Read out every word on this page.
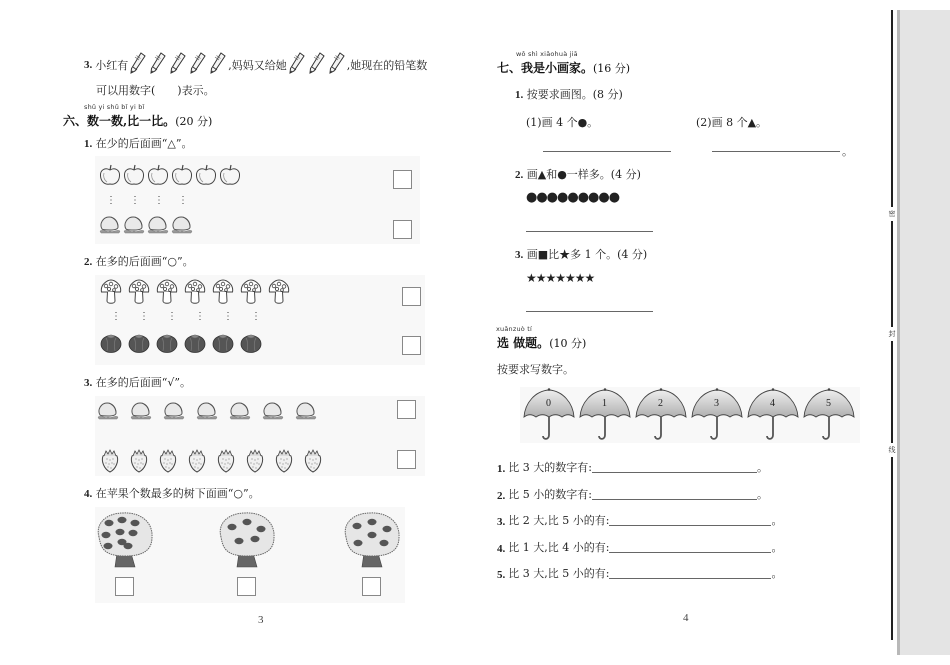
3. 小红有	,妈妈又给她	,她现在的铅笔数
可以用数字(　　)表示。
shǔ yi shǔ bǐ yi bǐ
六、数一数,比一比。(20 分)
1. 在少的后面画“△”。
⋮	⋮	⋮	⋮
2. 在多的后面画“○”。
⋮	⋮	⋮	⋮	⋮	⋮
3. 在多的后面画“√”。
4. 在苹果个数最多的树下面画“○”。
3
wǒ shì xiǎohuà jiā
七、我是小画家。(16 分)
1. 按要求画图。(8 分)
(1)画 4 个●。	(2)画 8 个▲。
。
2. 画▲和●一样多。(4 分)
●●●●●●●●●
3. 画■比★多 1 个。(4 分)
★★★★★★★
xuǎnzuò tí
选 做题。(10 分)
按要求写数字。
0	1	2	3	4	5
1. 比 3 大的数字有:	。
2. 比 5 小的数字有:	。
3. 比 2 大,比 5 小的有:	。
4. 比 1 大,比 4 小的有:	。
5. 比 3 大,比 5 小的有:	。
4
密
封
线
